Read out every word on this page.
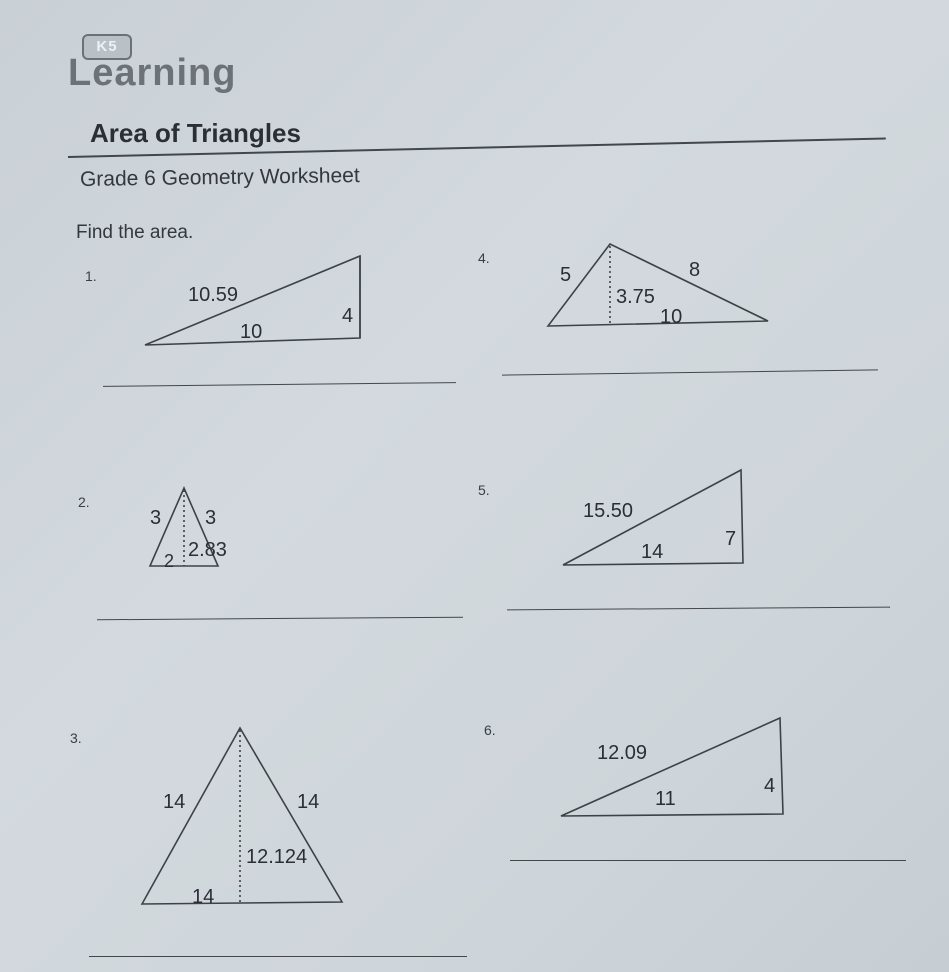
K5
Learning
Area of Triangles
Grade 6 Geometry Worksheet
Find the area.
1.
10.59
10
4
2.
3 3
2 2.83
3.
14	14
14
12.124
4.
5	8
3.75
10
5.
15.50
14
7
6.
12.09
11
4
